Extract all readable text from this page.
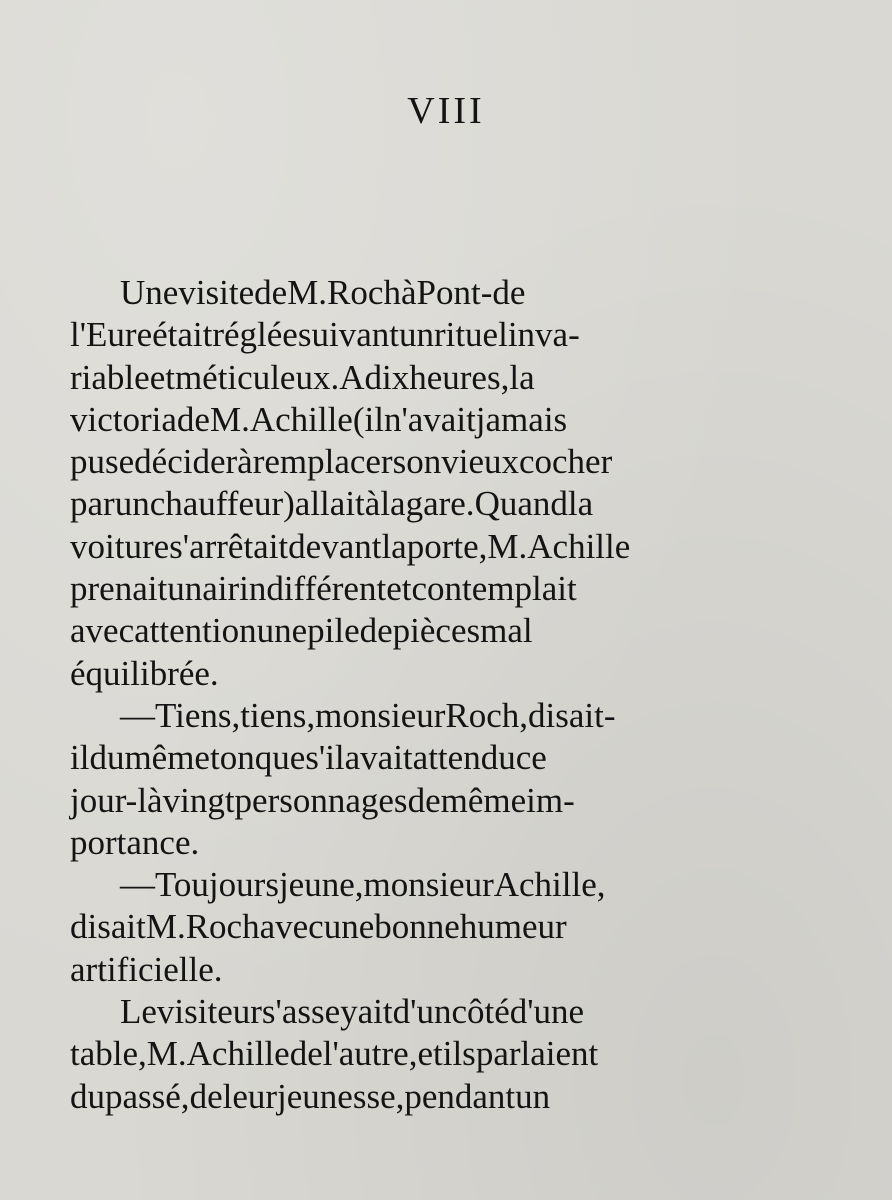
VIII
UnevisitedeM.RochàPont-de
l'Eureétaitrégléesuivantunrituelinva-
riableetméticuleux.Adixheures,la
victoriadeM.Achille(iln'avaitjamais
pusedécideràremplacersonvieuxcocher
parunchauffeur)allaitàlagare.Quandla
voitures'arrêtaitdevantlaporte,M.Achille
prenaitunairindifférentetcontemplait
avecattentionunepiledepiècesmal
équilibrée.
—Tiens,tiens,monsieurRoch,disait-
ildumêmetonques'ilavaitattenduce
jour-làvingtpersonnagesdemêmeim-
portance.
—Toujoursjeune,monsieurAchille,
disaitM.Rochavecunebonnehumeur
artificielle.
Levisiteurs'asseyaitd'uncôtéd'une
table,M.Achilledel'autre,etilsparlaient
dupassé,deleurjeunesse,pendantun
